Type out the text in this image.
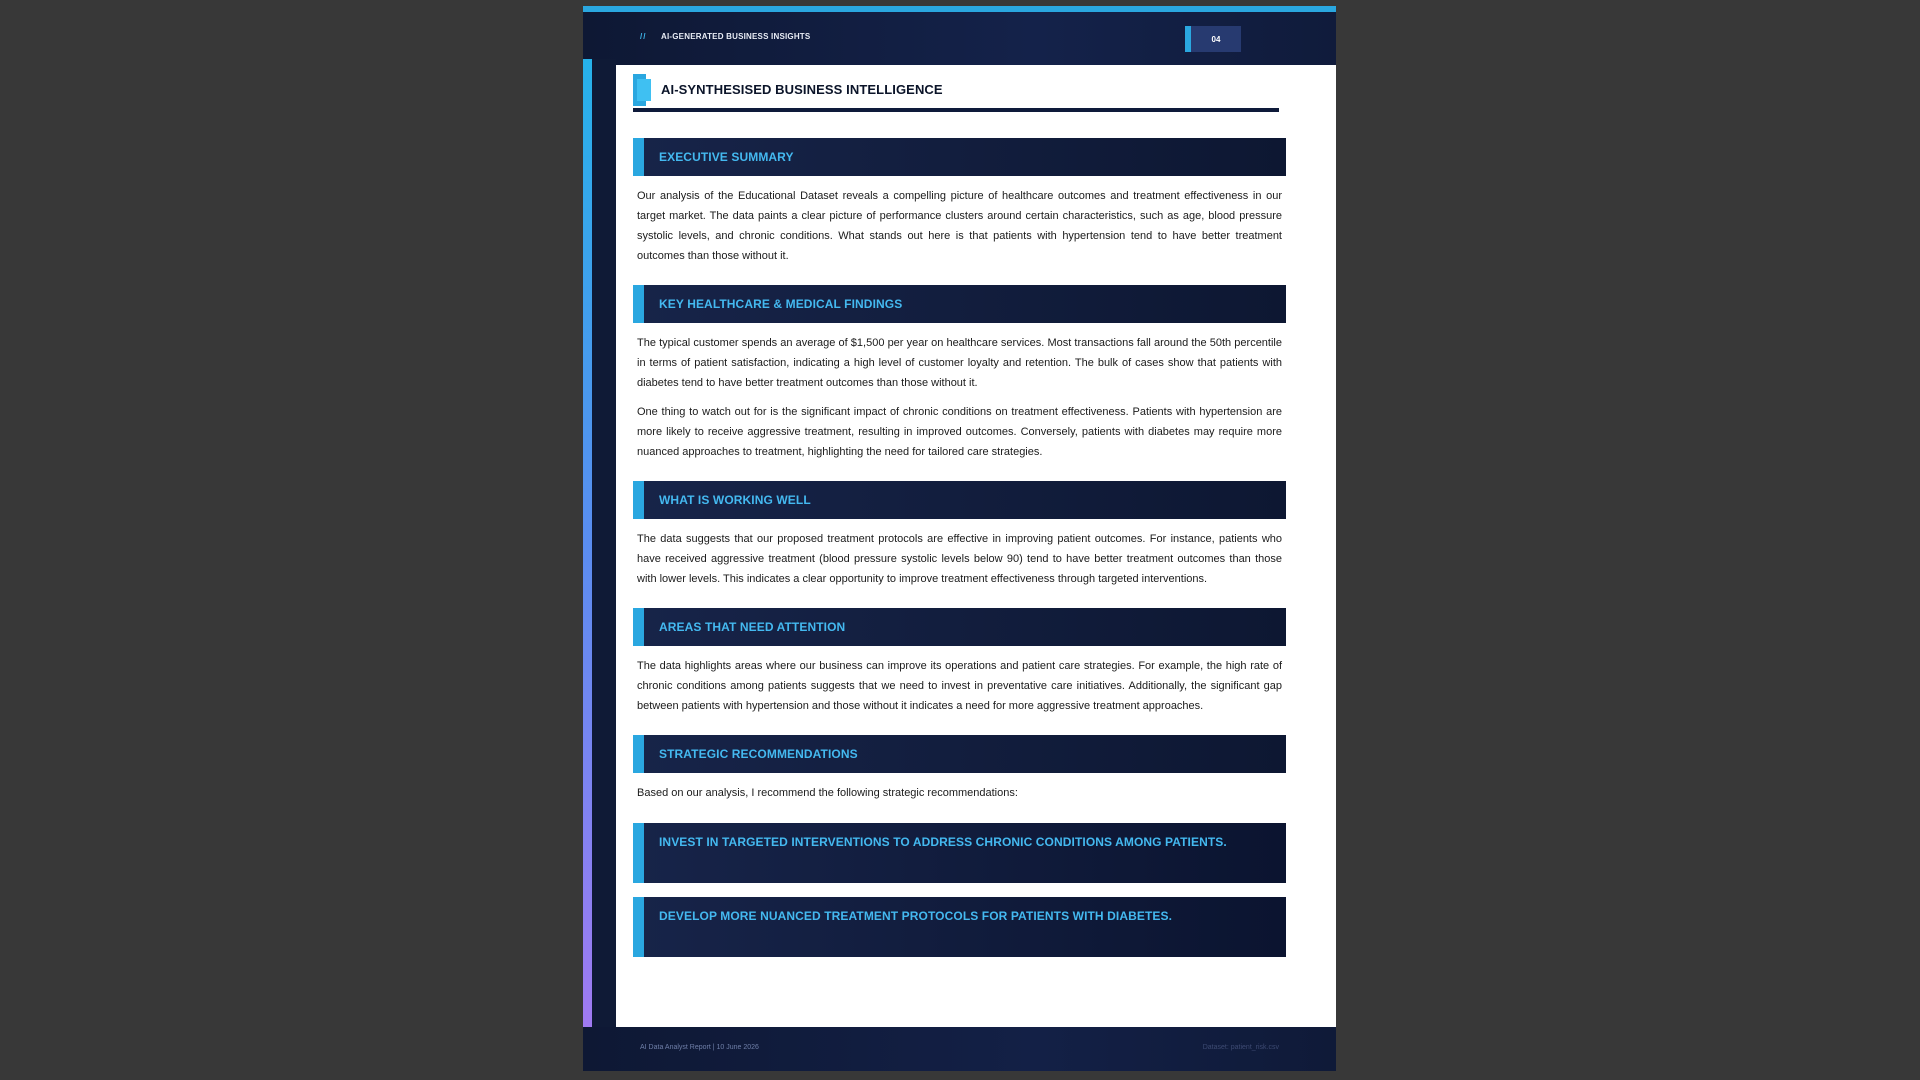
// AI-GENERATED BUSINESS INSIGHTS	04
AI-SYNTHESISED BUSINESS INTELLIGENCE
EXECUTIVE SUMMARY

Our analysis of the Educational Dataset reveals a compelling picture of healthcare outcomes and treatment effectiveness in our target market. The data paints a clear picture of performance clusters around certain characteristics, such as age, blood pressure systolic levels, and chronic conditions. What stands out here is that patients with hypertension tend to have better treatment outcomes than those without it.

KEY HEALTHCARE & MEDICAL FINDINGS

The typical customer spends an average of $1,500 per year on healthcare services. Most transactions fall around the 50th percentile in terms of patient satisfaction, indicating a high level of customer loyalty and retention. The bulk of cases show that patients with diabetes tend to have better treatment outcomes than those without it.

One thing to watch out for is the significant impact of chronic conditions on treatment effectiveness. Patients with hypertension are more likely to receive aggressive treatment, resulting in improved outcomes. Conversely, patients with diabetes may require more nuanced approaches to treatment, highlighting the need for tailored care strategies.

WHAT IS WORKING WELL

The data suggests that our proposed treatment protocols are effective in improving patient outcomes. For instance, patients who have received aggressive treatment (blood pressure systolic levels below 90) tend to have better treatment outcomes than those with lower levels. This indicates a clear opportunity to improve treatment effectiveness through targeted interventions.

AREAS THAT NEED ATTENTION

The data highlights areas where our business can improve its operations and patient care strategies. For example, the high rate of chronic conditions among patients suggests that we need to invest in preventative care initiatives. Additionally, the significant gap between patients with hypertension and those without it indicates a need for more aggressive treatment approaches.

STRATEGIC RECOMMENDATIONS

Based on our analysis, I recommend the following strategic recommendations:

INVEST IN TARGETED INTERVENTIONS TO ADDRESS CHRONIC CONDITIONS AMONG PATIENTS.
DEVELOP MORE NUANCED TREATMENT PROTOCOLS FOR PATIENTS WITH DIABETES.
AI Data Analyst Report | 10 June 2026	Dataset: patient_risk.csv
